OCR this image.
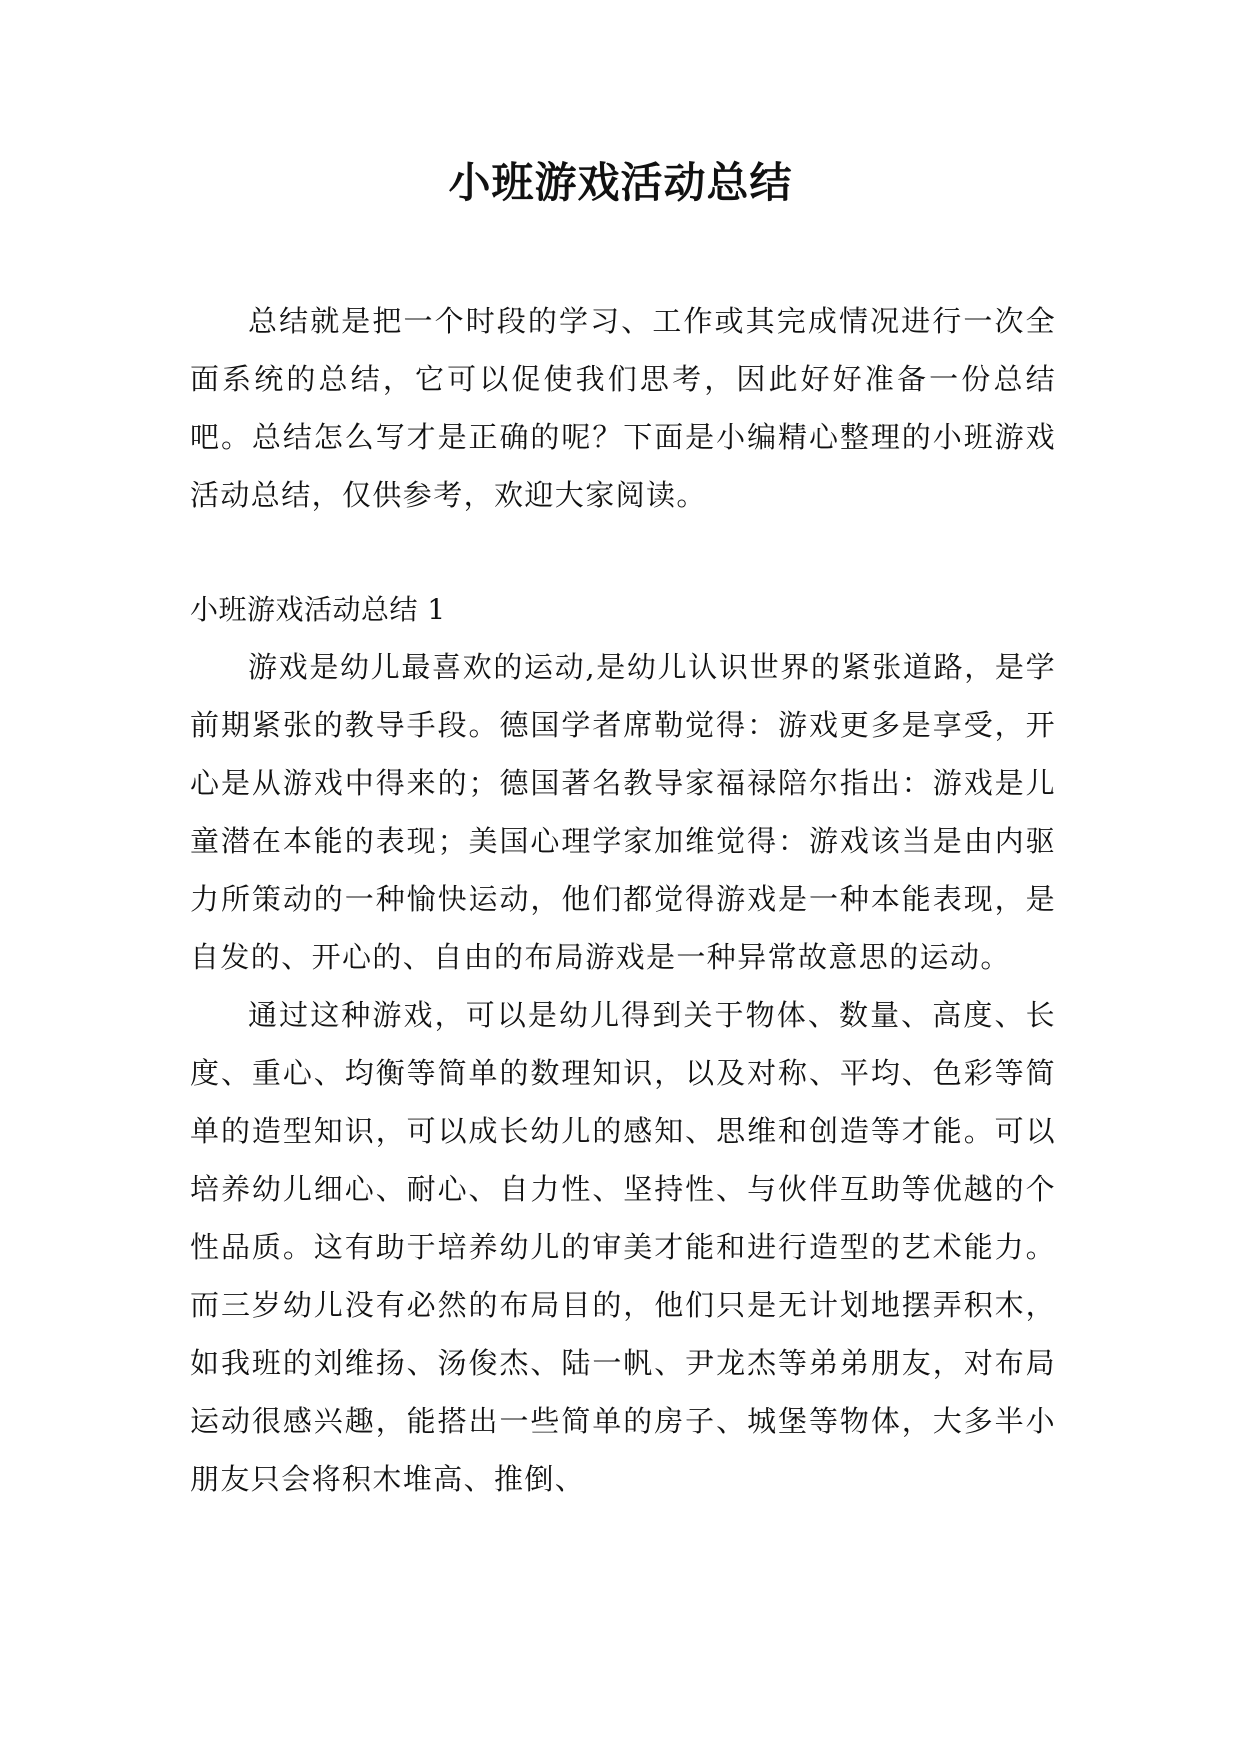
小班游戏活动总结

总结就是把一个时段的学习、工作或其完成情况进行一次全面系统的总结，它可以促使我们思考，因此好好准备一份总结吧。总结怎么写才是正确的呢？下面是小编精心整理的小班游戏活动总结，仅供参考，欢迎大家阅读。

小班游戏活动总结 1

游戏是幼儿最喜欢的运动,是幼儿认识世界的紧张道路，是学前期紧张的教导手段。德国学者席勒觉得：游戏更多是享受，开心是从游戏中得来的；德国著名教导家福禄陪尔指出：游戏是儿童潜在本能的表现；美国心理学家加维觉得：游戏该当是由内驱力所策动的一种愉快运动，他们都觉得游戏是一种本能表现，是自发的、开心的、自由的布局游戏是一种异常故意思的运动。

通过这种游戏，可以是幼儿得到关于物体、数量、高度、长度、重心、均衡等简单的数理知识，以及对称、平均、色彩等简单的造型知识，可以成长幼儿的感知、思维和创造等才能。可以培养幼儿细心、耐心、自力性、坚持性、与伙伴互助等优越的个性品质。这有助于培养幼儿的审美才能和进行造型的艺术能力。而三岁幼儿没有必然的布局目的，他们只是无计划地摆弄积木，如我班的刘维扬、汤俊杰、陆一帆、尹龙杰等弟弟朋友，对布局运动很感兴趣，能搭出一些简单的房子、城堡等物体，大多半小朋友只会将积木堆高、推倒、
